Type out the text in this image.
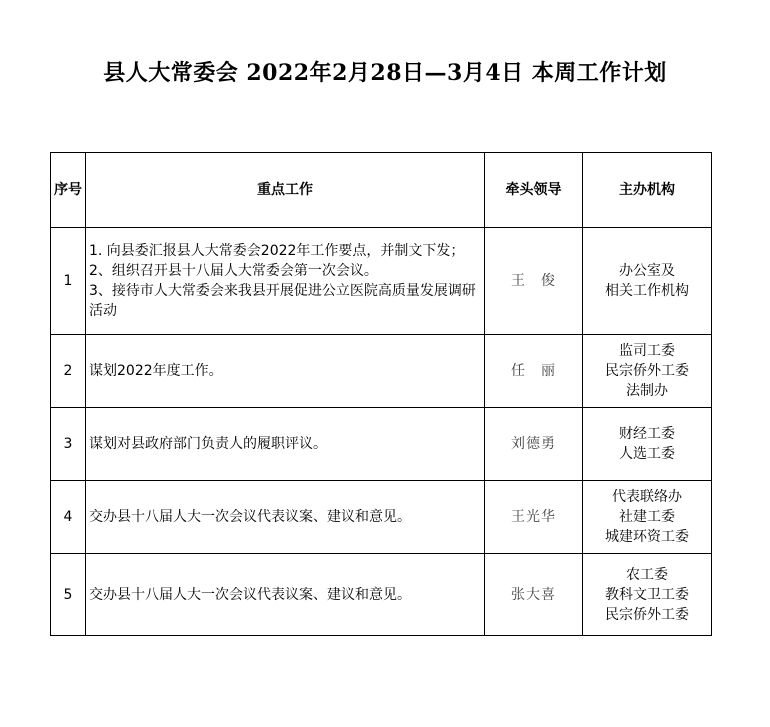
县人大常委会 2022年2月28日—3月4日 本周工作计划
序号	重点工作	牵头领导	主办机构
1	1. 向县委汇报县人大常委会2022年工作要点，并制文下发；
2、组织召开县十八届人大常委会第一次会议。
3、接待市人大常委会来我县开展促进公立医院高质量发展调研活动	王　俊	办公室及
相关工作机构

2	谋划2022年度工作。	任　丽	监司工委
民宗侨外工委
法制办

3	谋划对县政府部门负责人的履职评议。	刘德勇	财经工委
人选工委

4	交办县十八届人大一次会议代表议案、建议和意见。	王光华	代表联络办
社建工委
城建环资工委

5	交办县十八届人大一次会议代表议案、建议和意见。	张大喜	农工委
教科文卫工委
民宗侨外工委
